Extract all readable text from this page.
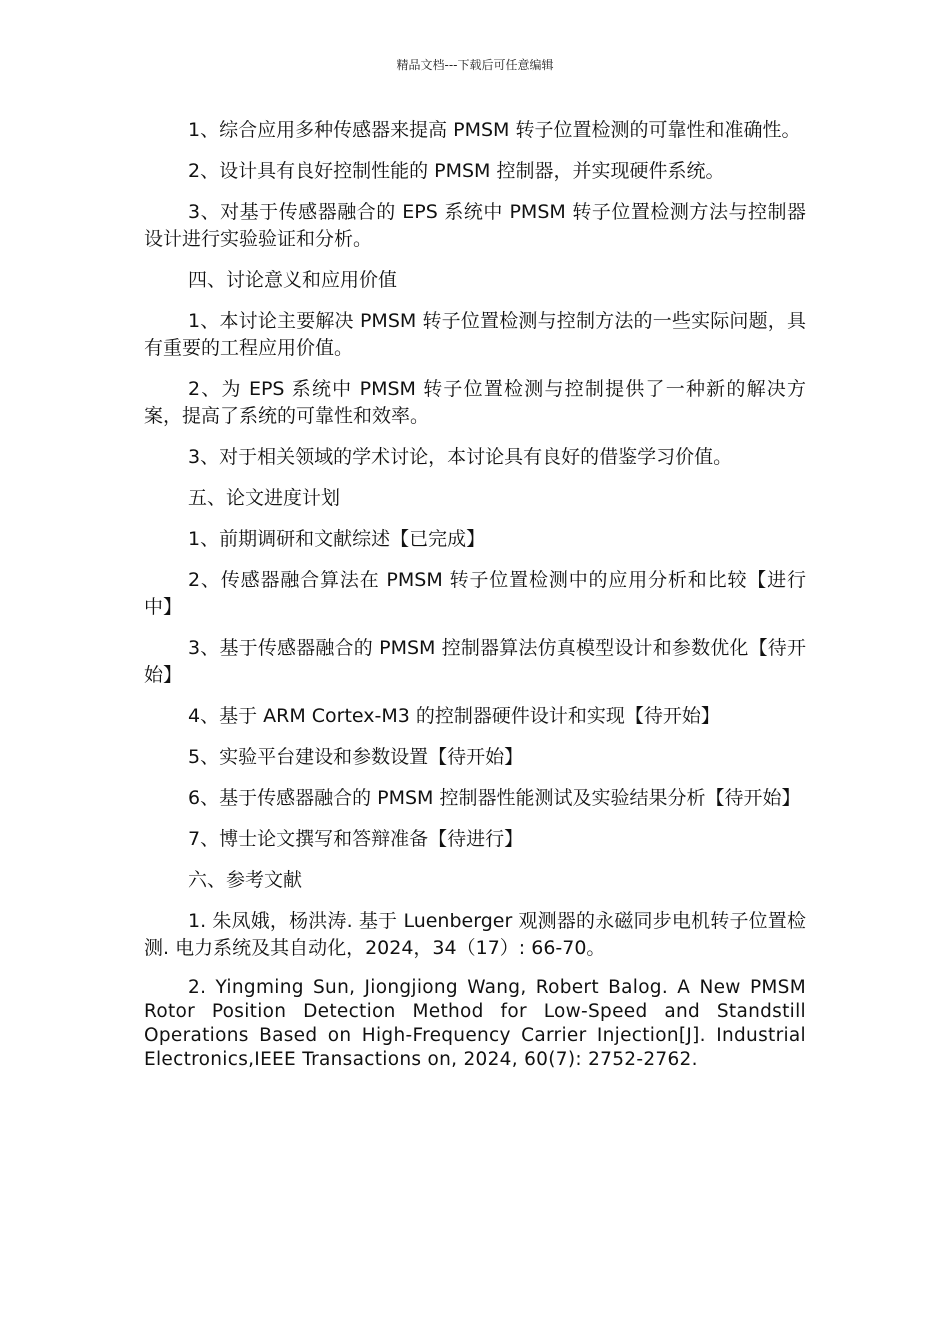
精品文档---下载后可任意编辑

1、综合应用多种传感器来提高 PMSM 转子位置检测的可靠性和准确性。

2、设计具有良好控制性能的 PMSM 控制器，并实现硬件系统。

3、对基于传感器融合的 EPS 系统中 PMSM 转子位置检测方法与控制器设计进行实验验证和分析。

四、讨论意义和应用价值

1、本讨论主要解决 PMSM 转子位置检测与控制方法的一些实际问题，具有重要的工程应用价值。

2、为 EPS 系统中 PMSM 转子位置检测与控制提供了一种新的解决方案，提高了系统的可靠性和效率。

3、对于相关领域的学术讨论，本讨论具有良好的借鉴学习价值。

五、论文进度计划

1、前期调研和文献综述【已完成】

2、传感器融合算法在 PMSM 转子位置检测中的应用分析和比较【进行中】

3、基于传感器融合的 PMSM 控制器算法仿真模型设计和参数优化【待开始】

4、基于 ARM Cortex-M3 的控制器硬件设计和实现【待开始】

5、实验平台建设和参数设置【待开始】

6、基于传感器融合的 PMSM 控制器性能测试及实验结果分析【待开始】

7、博士论文撰写和答辩准备【待进行】

六、参考文献

1. 朱凤娥，杨洪涛. 基于 Luenberger 观测器的永磁同步电机转子位置检测. 电力系统及其自动化，2024，34（17）: 66-70。

2. Yingming Sun, Jiongjiong Wang, Robert Balog. A New PMSM Rotor Position Detection Method for Low-Speed and Standstill Operations Based on High-Frequency Carrier Injection[J]. Industrial Electronics,IEEE Transactions on, 2024, 60(7): 2752-2762.
